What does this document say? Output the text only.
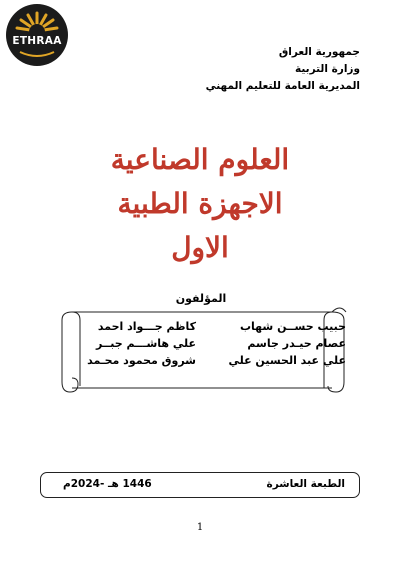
ETHRAA
جمهورية العراق
وزارة التربية
المديرية العامة للتعليم المهني
العلوم الصناعية
الاجهزة الطبية
الاول
المؤلفون
حبيب حســن شهاب
كاظم جـــواد احمد
عصام حيـدر جاسم
علي هاشـــم جبــر
علي عبد الحسين علي
شروق محمود محـمد
الطبعة العاشرة
1446 هـ -2024م
1
